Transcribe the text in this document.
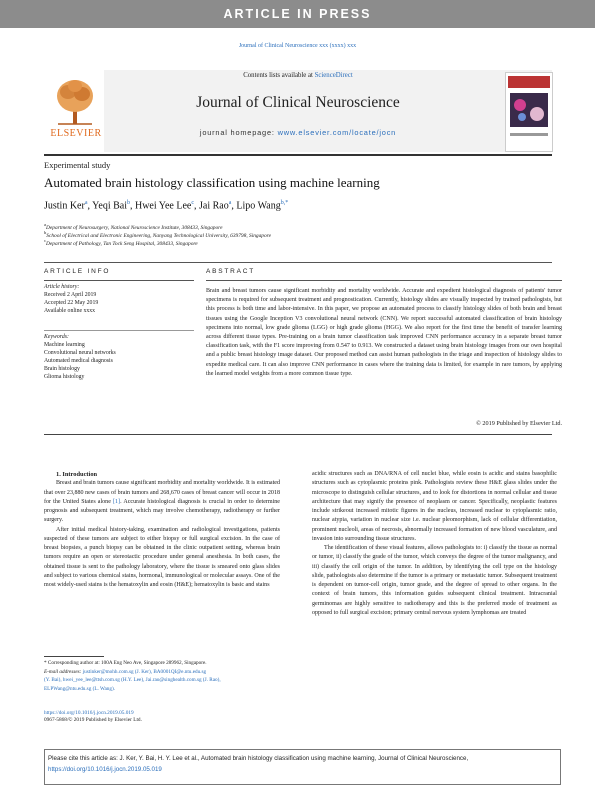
ARTICLE IN PRESS
Journal of Clinical Neuroscience xxx (xxxx) xxx
ELSEVIER
Contents lists available at ScienceDirect
Journal of Clinical Neuroscience
journal homepage: www.elsevier.com/locate/jocn
Experimental study
Automated brain histology classification using machine learning
Justin Ker$^a$, Yeqi Bai$^b$, Hwei Yee Lee$^c$, Jai Rao$^a$, Lipo Wang$^{b,*}$
$^a$Department of Neurosurgery, National Neuroscience Institute, 308433, Singapore
$^b$School of Electrical and Electronic Engineering, Nanyang Technological University, 639798, Singapore
$^c$Department of Pathology, Tan Tock Seng Hospital, 308433, Singapore
ARTICLE INFO	ABSTRACT
Article history:
Received 2 April 2019
Accepted 22 May 2019
Available online xxxx
Keywords:
Machine learning
Convolutional neural networks
Automated medical diagnosis
Brain histology
Glioma histology
Brain and breast tumors cause significant morbidity and mortality worldwide. Accurate and expedient histological diagnosis of patients' tumor specimens is required for subsequent treatment and prognostication. Currently, histology slides are visually inspected by trained pathologists, but this process is both time and labor-intensive. In this paper, we propose an automated process to classify histology slides of both brain and breast tissues using the Google Inception V3 convolutional neural network (CNN). We report successful automated classification of brain histology specimens into normal, low grade glioma (LGG) or high grade glioma (HGG). We also report for the first time the benefit of transfer learning across different tissue types. Pre-training on a brain tumor classification task improved CNN performance accuracy in a separate breast tumor classification task, with the F1 score improving from 0.547 to 0.913. We constructed a dataset using brain histology images from our own hospital and a public breast histology image dataset. Our proposed method can assist human pathologists in the triage and inspection of histology slides to expedite medical care. It can also improve CNN performance in cases where the training data is limited, for example in rare tumors, by applying the learned model weights from a more common tissue type.
© 2019 Published by Elsevier Ltd.

1. Introduction

Breast and brain tumors cause significant morbidity and mortality worldwide. It is estimated that over 23,880 new cases of brain tumors and 268,670 cases of breast cancer will occur in 2018 for the United States alone [1]. Accurate histological diagnosis is crucial in order to determine prognosis and subsequent treatment, which may involve chemotherapy, radiotherapy or further surgery.

After initial medical history-taking, examination and radiological investigations, patients suspected of these tumors are subject to either biopsy or full surgical excision. In the case of breast biopsies, a punch biopsy can be obtained in the clinic outpatient setting, whereas brain tumors require an open or stereotactic procedure under general anesthesia. In both cases, the obtained tissue is sent to the pathology laboratory, where the tissue is smeared onto glass slides and subject to various chemical stains, hormonal, immunological or molecular assays. One of the most widely-used stains is the hematoxylin and eosin (H&E); hematoxylin is basic and stains

acidic structures such as DNA/RNA of cell nuclei blue, while eosin is acidic and stains basophilic structures such as cytoplasmic proteins pink. Pathologists review these H&E glass slides under the microscope to distinguish cellular structures, and to look for distortions in normal cellular and tissue architecture that may signify the presence of neoplasm or cancer. Specifically, neoplastic features include strikeout increased mitotic figures in the nucleus, increased nuclear to cytoplasmic ratio, nuclear atypia, variation in nuclear size i.e. nuclear pleomorphism, lack of cellular differentiation, prominent nucleoli, areas of necrosis, abnormally increased formation of new blood vasculature, and invasion into surrounding tissue structures.

The identification of these visual features, allows pathologists to: i) classify the tissue as normal or tumor, ii) classify the grade of the tumor, which conveys the degree of the tumor malignancy, and iii) classify the cell origin of the tumor. In addition, by identifying the cell type on the histology slide, pathologists also determine if the tumor is a primary or metastatic tumor. Subsequent treatment is dependent on tumor-cell origin, tumor grade, and the degree of spread to other organs. In the context of brain tumors, this information guides subsequent clinical treatment. Intracranial germinomas are highly sensitive to radiotherapy and this is the preferred mode of treatment as opposed to full surgical excision; primary central nervous system lymphomas are treated

* Corresponding author at: 100A Eng Neo Ave, Singapore 289962, Singapore.
E-mail addresses: justinker@mohh.com.sg (J. Ker), BA0001QI@e.ntu.edu.sg
(Y. Bai), hwei_yee_lee@ttsh.com.sg (H.Y. Lee), Jai.rao@singhealth.com.sg (J. Rao),
ELPWang@ntu.edu.sg (L. Wang).
https://doi.org/10.1016/j.jocn.2019.05.019
0967-5868/© 2019 Published by Elsevier Ltd.
Please cite this article as: J. Ker, Y. Bai, H. Y. Lee et al., Automated brain histology classification using machine learning, Journal of Clinical Neuroscience, https://doi.org/10.1016/j.jocn.2019.05.019
